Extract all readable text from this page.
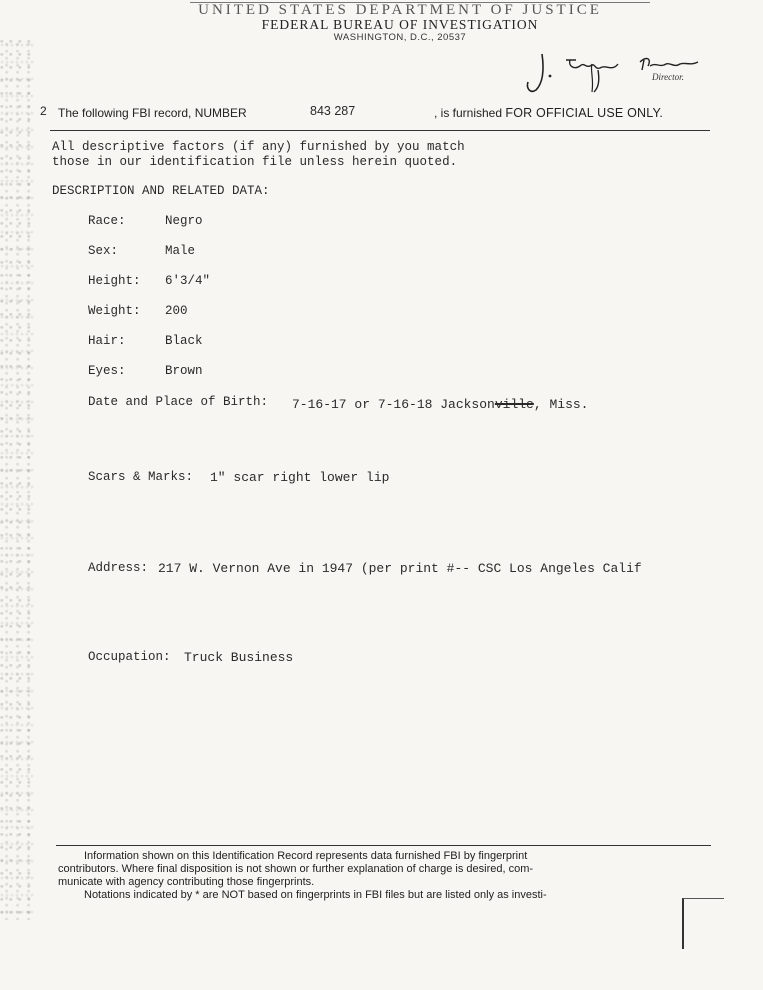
UNITED STATES DEPARTMENT OF JUSTICE
FEDERAL BUREAU OF INVESTIGATION
WASHINGTON, D.C., 20537
Director.
2 The following FBI record, NUMBER	843 287	, is furnished FOR OFFICIAL USE ONLY.
All descriptive factors (if any) furnished by you match
those in our identification file unless herein quoted.
DESCRIPTION AND RELATED DATA:
Race:	Negro
Sex:	Male
Height: 6'3/4"
Weight: 200
Hair:	Black
Eyes:	Brown
Date and Place of Birth: 7-16-17 or 7-16-18 Jacksonville, Miss.
Scars & Marks: 1" scar right lower lip
Address: 217 W. Vernon Ave in 1947 (per print #-- CSC Los Angeles Calif
Occupation: Truck Business
Information shown on this Identification Record represents data furnished FBI by fingerprint
contributors. Where final disposition is not shown or further explanation of charge is desired, com-
municate with agency contributing those fingerprints.
Notations indicated by * are NOT based on fingerprints in FBI files but are listed only as investi-
